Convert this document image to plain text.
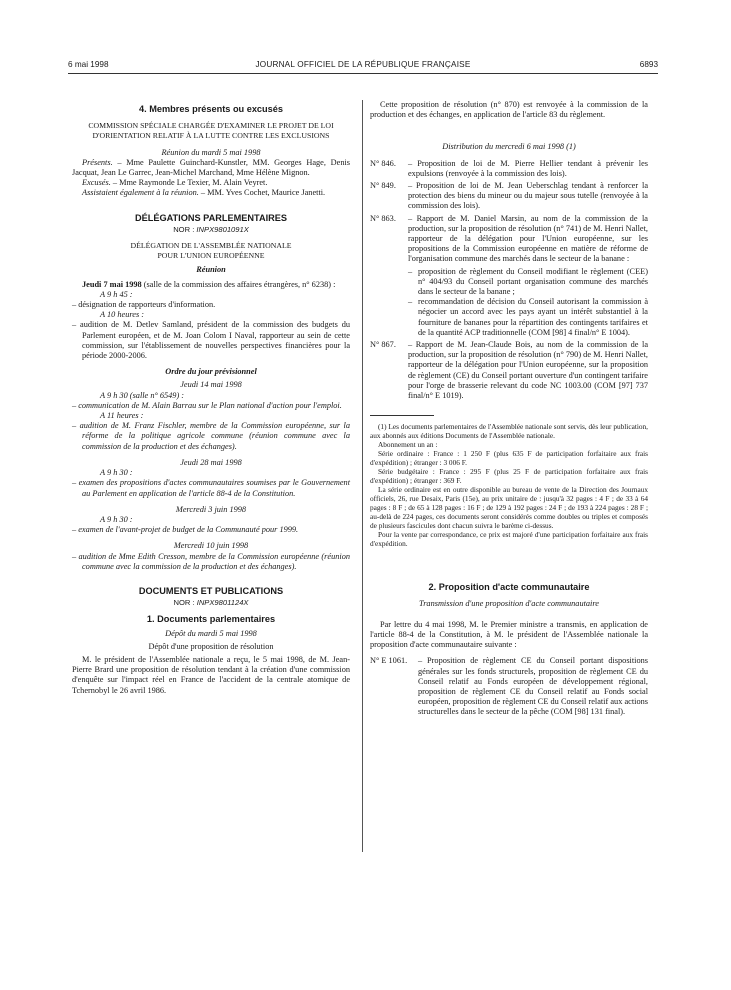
6 mai 1998	JOURNAL OFFICIEL DE LA RÉPUBLIQUE FRANÇAISE	6893
4. Membres présents ou excusés

COMMISSION SPÉCIALE CHARGÉE D'EXAMINER LE PROJET DE LOI D'ORIENTATION RELATIF À LA LUTTE CONTRE LES EXCLUSIONS

Réunion du mardi 5 mai 1998

Présents. – Mme Paulette Guinchard-Kunstler, MM. Georges Hage, Denis Jacquat, Jean Le Garrec, Jean-Michel Marchand, Mme Hélène Mignon.

Excusés. – Mme Raymonde Le Texier, M. Alain Veyret.

Assistaient également à la réunion. – MM. Yves Cochet, Maurice Janetti.

DÉLÉGATIONS PARLEMENTAIRES
NOR : INPX9801091X

DÉLÉGATION DE L'ASSEMBLÉE NATIONALE POUR L'UNION EUROPÉENNE

Réunion

Jeudi 7 mai 1998 (salle de la commission des affaires étrangères, n° 6238) :

A 9 h 45 :

– désignation de rapporteurs d'information.

A 10 heures :

– audition de M. Detlev Samland, président de la commission des budgets du Parlement européen, et de M. Joan Colom I Naval, rapporteur au sein de cette commission, sur l'établissement de nouvelles perspectives financières pour la période 2000-2006.

Ordre du jour prévisionnel

Jeudi 14 mai 1998

A 9 h 30 (salle n° 6549) :

– communication de M. Alain Barrau sur le Plan national d'action pour l'emploi.

A 11 heures :

– audition de M. Franz Fischler, membre de la Commission européenne, sur la réforme de la politique agricole commune (réunion commune avec la commission de la production et des échanges).

Jeudi 28 mai 1998

A 9 h 30 :

– examen des propositions d'actes communautaires soumises par le Gouvernement au Parlement en application de l'article 88-4 de la Constitution.

Mercredi 3 juin 1998

A 9 h 30 :

– examen de l'avant-projet de budget de la Communauté pour 1999.

Mercredi 10 juin 1998

– audition de Mme Edith Cresson, membre de la Commission européenne (réunion commune avec la commission de la production et des échanges).

DOCUMENTS ET PUBLICATIONS
NOR : INPX9801124X
1. Documents parlementaires

Dépôt du mardi 5 mai 1998

Dépôt d'une proposition de résolution

M. le président de l'Assemblée nationale a reçu, le 5 mai 1998, de M. Jean-Pierre Brard une proposition de résolution tendant à la création d'une commission d'enquête sur l'impact réel en France de l'accident de la centrale atomique de Tchernobyl le 26 avril 1986.

Cette proposition de résolution (n° 870) est renvoyée à la commission de la production et des échanges, en application de l'article 83 du règlement.

Distribution du mercredi 6 mai 1998 (1)

N° 846. – Proposition de loi de M. Pierre Hellier tendant à prévenir les expulsions (renvoyée à la commission des lois).
N° 849. – Proposition de loi de M. Jean Ueberschlag tendant à renforcer la protection des biens du mineur ou du majeur sous tutelle (renvoyée à la commission des lois).
N° 863. – Rapport de M. Daniel Marsin, au nom de la commission de la production, sur la proposition de résolution (n° 741) de M. Henri Nallet, rapporteur de la délégation pour l'Union européenne, sur les propositions de la Commission européenne en matière de réforme de l'organisation commune des marchés dans le secteur de la banane :
– proposition de règlement du Conseil modifiant le règlement (CEE) n° 404/93 du Conseil portant organisation commune des marchés dans le secteur de la banane ;
– recommandation de décision du Conseil autorisant la commission à négocier un accord avec les pays ayant un intérêt substantiel à la fourniture de bananes pour la répartition des contingents tarifaires et de la quantité ACP traditionnelle (COM [98] 4 final/n° E 1004).
N° 867. – Rapport de M. Jean-Claude Bois, au nom de la commission de la production, sur la proposition de résolution (n° 790) de M. Henri Nallet, rapporteur de la délégation pour l'Union européenne, sur la proposition de règlement (CE) du Conseil portant ouverture d'un contingent tarifaire pour l'orge de brasserie relevant du code NC 1003.00 (COM [97] 737 final/n° E 1019).

(1) Les documents parlementaires de l'Assemblée nationale sont servis, dès leur publication, aux abonnés aux éditions Documents de l'Assemblée nationale.

Abonnement un an :

Série ordinaire : France : 1 250 F (plus 635 F de participation forfaitaire aux frais d'expédition) ; étranger : 3 006 F.

Série budgétaire : France : 295 F (plus 25 F de participation forfaitaire aux frais d'expédition) ; étranger : 369 F.

La série ordinaire est en outre disponible au bureau de vente de la Direction des Journaux officiels, 26, rue Desaix, Paris (15e), au prix unitaire de : jusqu'à 32 pages : 4 F ; de 33 à 64 pages : 8 F ; de 65 à 128 pages : 16 F ; de 129 à 192 pages : 24 F ; de 193 à 224 pages : 28 F ; au-delà de 224 pages, ces documents seront considérés comme doubles ou triples et composés de plusieurs fascicules dont chacun suivra le barème ci-dessus.

Pour la vente par correspondance, ce prix est majoré d'une participation forfaitaire aux frais d'expédition.

2. Proposition d'acte communautaire

Transmission d'une proposition d'acte communautaire

Par lettre du 4 mai 1998, M. le Premier ministre a transmis, en application de l'article 88-4 de la Constitution, à M. le président de l'Assemblée nationale la proposition d'acte communautaire suivante :

N° E 1061. – Proposition de règlement CE du Conseil portant dispositions générales sur les fonds structurels, proposition de règlement CE du Conseil relatif au Fonds européen de développement régional, proposition de règlement CE du Conseil relatif au Fonds social européen, proposition de règlement CE du Conseil relatif aux actions structurelles dans le secteur de la pêche (COM [98] 131 final).
